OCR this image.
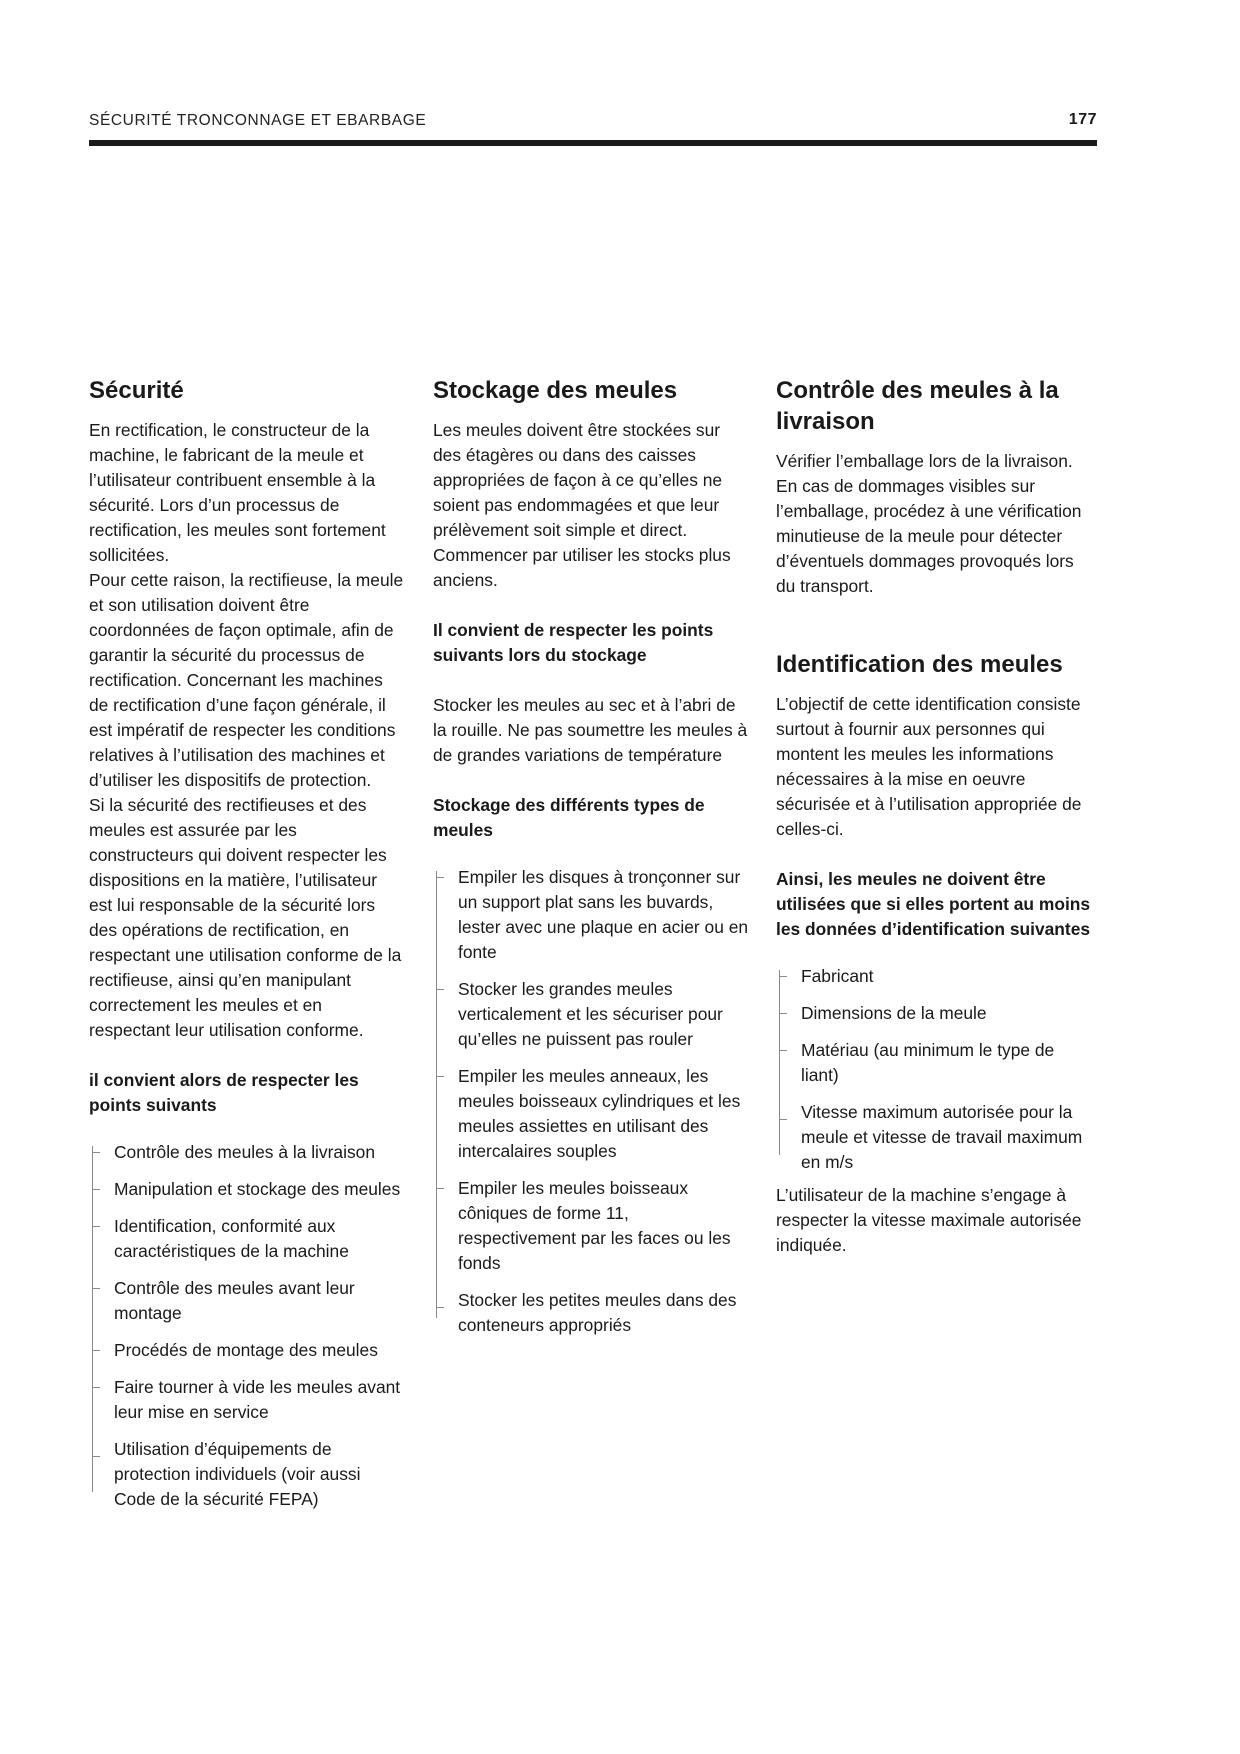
SÉCURITÉ TRONCONNAGE ET EBARBAGE	177
Sécurité

En rectification, le constructeur de la machine, le fabricant de la meule et l’utilisateur contribuent ensemble à la sécurité. Lors d’un processus de rectification, les meules sont fortement sollicitées.

Pour cette raison, la rectifieuse, la meule et son utilisation doivent être coordonnées de façon optimale, afin de garantir la sécurité du processus de rectification. Concernant les machines de rectification d’une façon générale, il est impératif de respecter les conditions relatives à l’utilisation des machines et d’utiliser les dispositifs de protection.

Si la sécurité des rectifieuses et des meules est assurée par les constructeurs qui doivent respecter les dispositions en la matière, l’utilisateur est lui responsable de la sécurité lors des opérations de rectification, en respectant une utilisation conforme de la rectifieuse, ainsi qu’en manipulant correctement les meules et en respectant leur utilisation conforme.

il convient alors de respecter les points suivants

Contrôle des meules à la livraison
Manipulation et stockage des meules
Identification, conformité aux caractéristiques de la machine
Contrôle des meules avant leur montage
Procédés de montage des meules
Faire tourner à vide les meules avant leur mise en service
Utilisation d’équipements de protection individuels (voir aussi Code de la sécurité FEPA)
Stockage des meules

Les meules doivent être stockées sur des étagères ou dans des caisses appropriées de façon à ce qu’elles ne soient pas endommagées et que leur prélèvement soit simple et direct. Commencer par utiliser les stocks plus anciens.

Il convient de respecter les points suivants lors du stockage

Stocker les meules au sec et à l’abri de la rouille. Ne pas soumettre les meules à de grandes variations de température

Stockage des différents types de meules

Empiler les disques à tronçonner sur un support plat sans les buvards, lester avec une plaque en acier ou en fonte
Stocker les grandes meules verticalement et les sécuriser pour qu’elles ne puissent pas rouler
Empiler les meules anneaux, les meules boisseaux cylindriques et les meules assiettes en utilisant des intercalaires souples
Empiler les meules boisseaux côniques de forme 11, respectivement par les faces ou les fonds
Stocker les petites meules dans des conteneurs appropriés
Contrôle des meules à la livraison

Vérifier l’emballage lors de la livraison. En cas de dommages visibles sur l’emballage, procédez à une vérification minutieuse de la meule pour détecter d’éventuels dommages provoqués lors du transport.

Identification des meules

L’objectif de cette identification consiste surtout à fournir aux personnes qui montent les meules les informations nécessaires à la mise en oeuvre sécurisée et à l’utilisation appropriée de celles-ci.

Ainsi, les meules ne doivent être utilisées que si elles portent au moins les données d’identification suivantes

Fabricant
Dimensions de la meule
Matériau (au minimum le type de liant)
Vitesse maximum autorisée pour la meule et vitesse de travail maximum en m/s

L’utilisateur de la machine s’engage à respecter la vitesse maximale autorisée indiquée.
